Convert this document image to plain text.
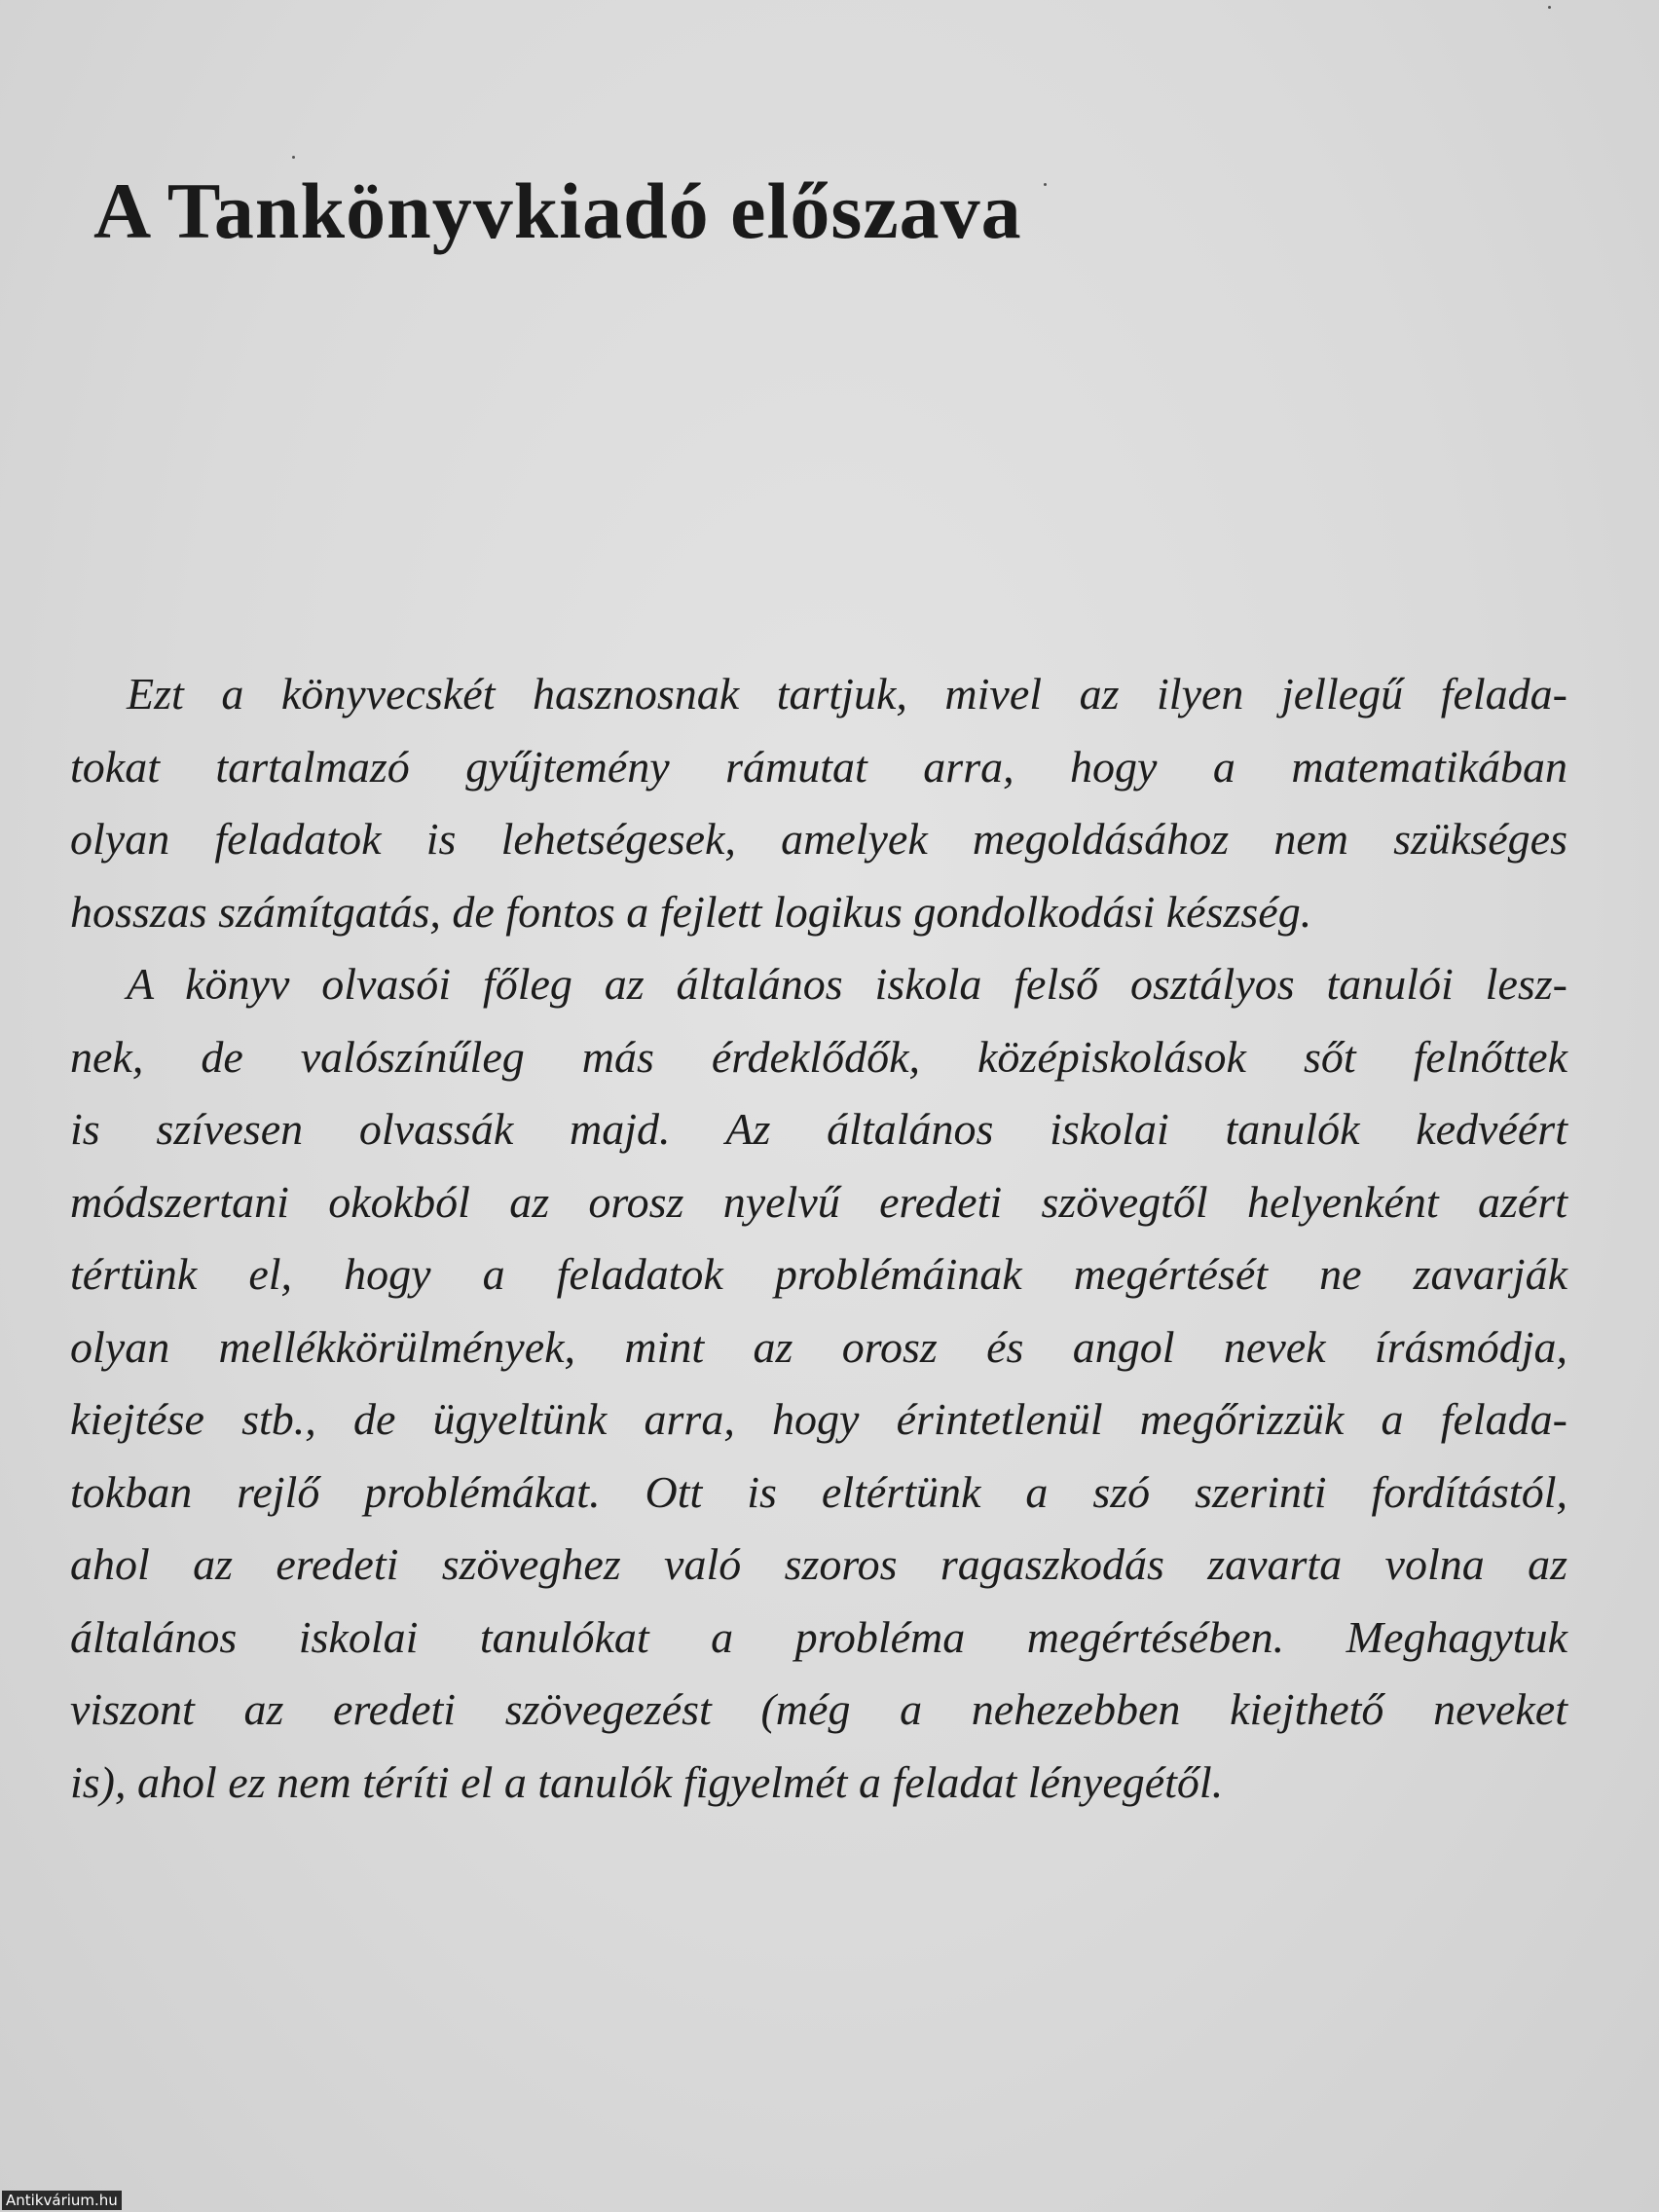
A Tankönyvkiadó előszava
Ezt a könyvecskét hasznosnak tartjuk, mivel az ilyen jellegű felada-
tokat tartalmazó gyűjtemény rámutat arra, hogy a matematikában
olyan feladatok is lehetségesek, amelyek megoldásához nem szükséges
hosszas számítgatás, de fontos a fejlett logikus gondolkodási készség.
A könyv olvasói főleg az általános iskola felső osztályos tanulói lesz-
nek, de valószínűleg más érdeklődők, középiskolások sőt felnőttek
is szívesen olvassák majd. Az általános iskolai tanulók kedvéért
módszertani okokból az orosz nyelvű eredeti szövegtől helyenként azért
tértünk el, hogy a feladatok problémáinak megértését ne zavarják
olyan mellékkörülmények, mint az orosz és angol nevek írásmódja,
kiejtése stb., de ügyeltünk arra, hogy érintetlenül megőrizzük a felada-
tokban rejlő problémákat. Ott is eltértünk a szó szerinti fordítástól,
ahol az eredeti szöveghez való szoros ragaszkodás zavarta volna az
általános iskolai tanulókat a probléma megértésében. Meghagytuk
viszont az eredeti szövegezést (még a nehezebben kiejthető neveket
is), ahol ez nem téríti el a tanulók figyelmét a feladat lényegétől.
Antikvárium.hu
